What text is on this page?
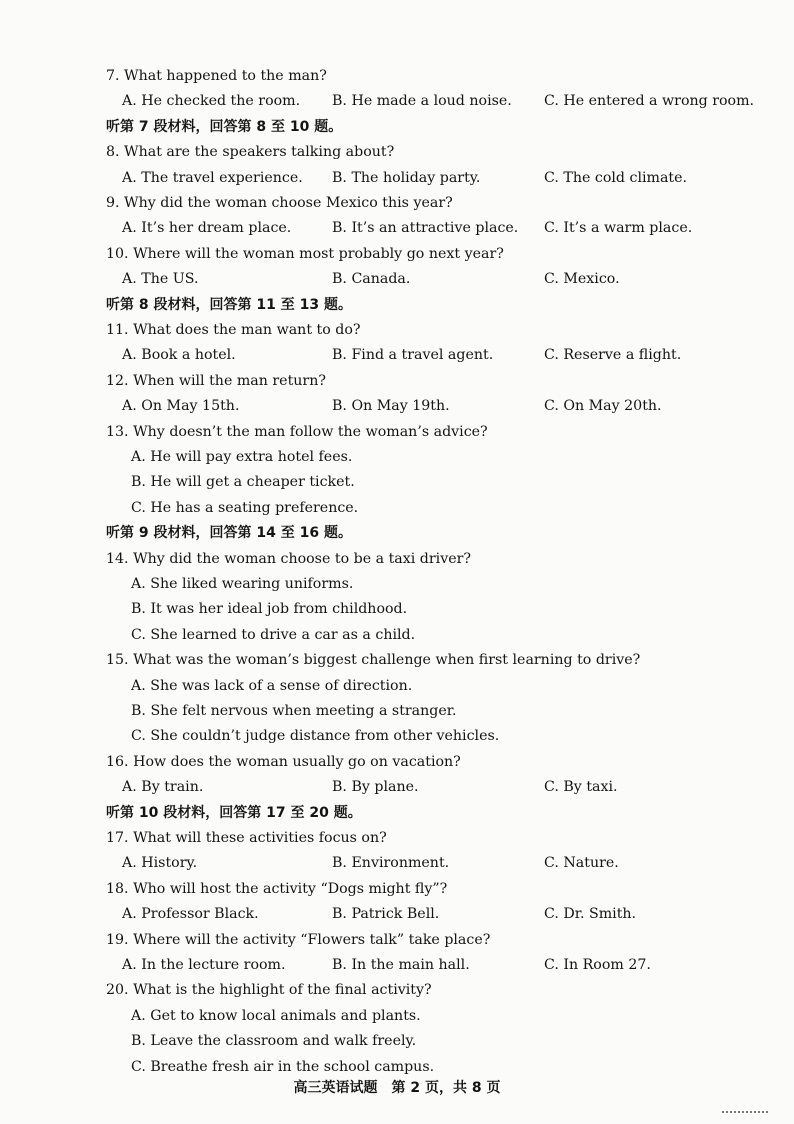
7. What happened to the man?
A. He checked the room. B. He made a loud noise. C. He entered a wrong room.
听第 7 段材料，回答第 8 至 10 题。
8. What are the speakers talking about?
A. The travel experience. B. The holiday party.	C. The cold climate.
9. Why did the woman choose Mexico this year?
A. It’s her dream place.	B. It’s an attractive place. C. It’s a warm place.
10. Where will the woman most probably go next year?
A. The US.	B. Canada.	C. Mexico.
听第 8 段材料，回答第 11 至 13 题。
11. What does the man want to do?
A. Book a hotel.	B. Find a travel agent.	C. Reserve a flight.
12. When will the man return?
A. On May 15th.	B. On May 19th.	C. On May 20th.
13. Why doesn’t the man follow the woman’s advice?
A. He will pay extra hotel fees.
B. He will get a cheaper ticket.
C. He has a seating preference.
听第 9 段材料，回答第 14 至 16 题。
14. Why did the woman choose to be a taxi driver?
A. She liked wearing uniforms.
B. It was her ideal job from childhood.
C. She learned to drive a car as a child.
15. What was the woman’s biggest challenge when first learning to drive?
A. She was lack of a sense of direction.
B. She felt nervous when meeting a stranger.
C. She couldn’t judge distance from other vehicles.
16. How does the woman usually go on vacation?
A. By train.	B. By plane.	C. By taxi.
听第 10 段材料，回答第 17 至 20 题。
17. What will these activities focus on?
A. History.	B. Environment.	C. Nature.
18. Who will host the activity “Dogs might fly”?
A. Professor Black.	B. Patrick Bell.	C. Dr. Smith.
19. Where will the activity “Flowers talk” take place?
A. In the lecture room.	B. In the main hall.	C. In Room 27.
20. What is the highlight of the final activity?
A. Get to know local animals and plants.
B. Leave the classroom and walk freely.
C. Breathe fresh air in the school campus.
高三英语试题　第 2 页，共 8 页
